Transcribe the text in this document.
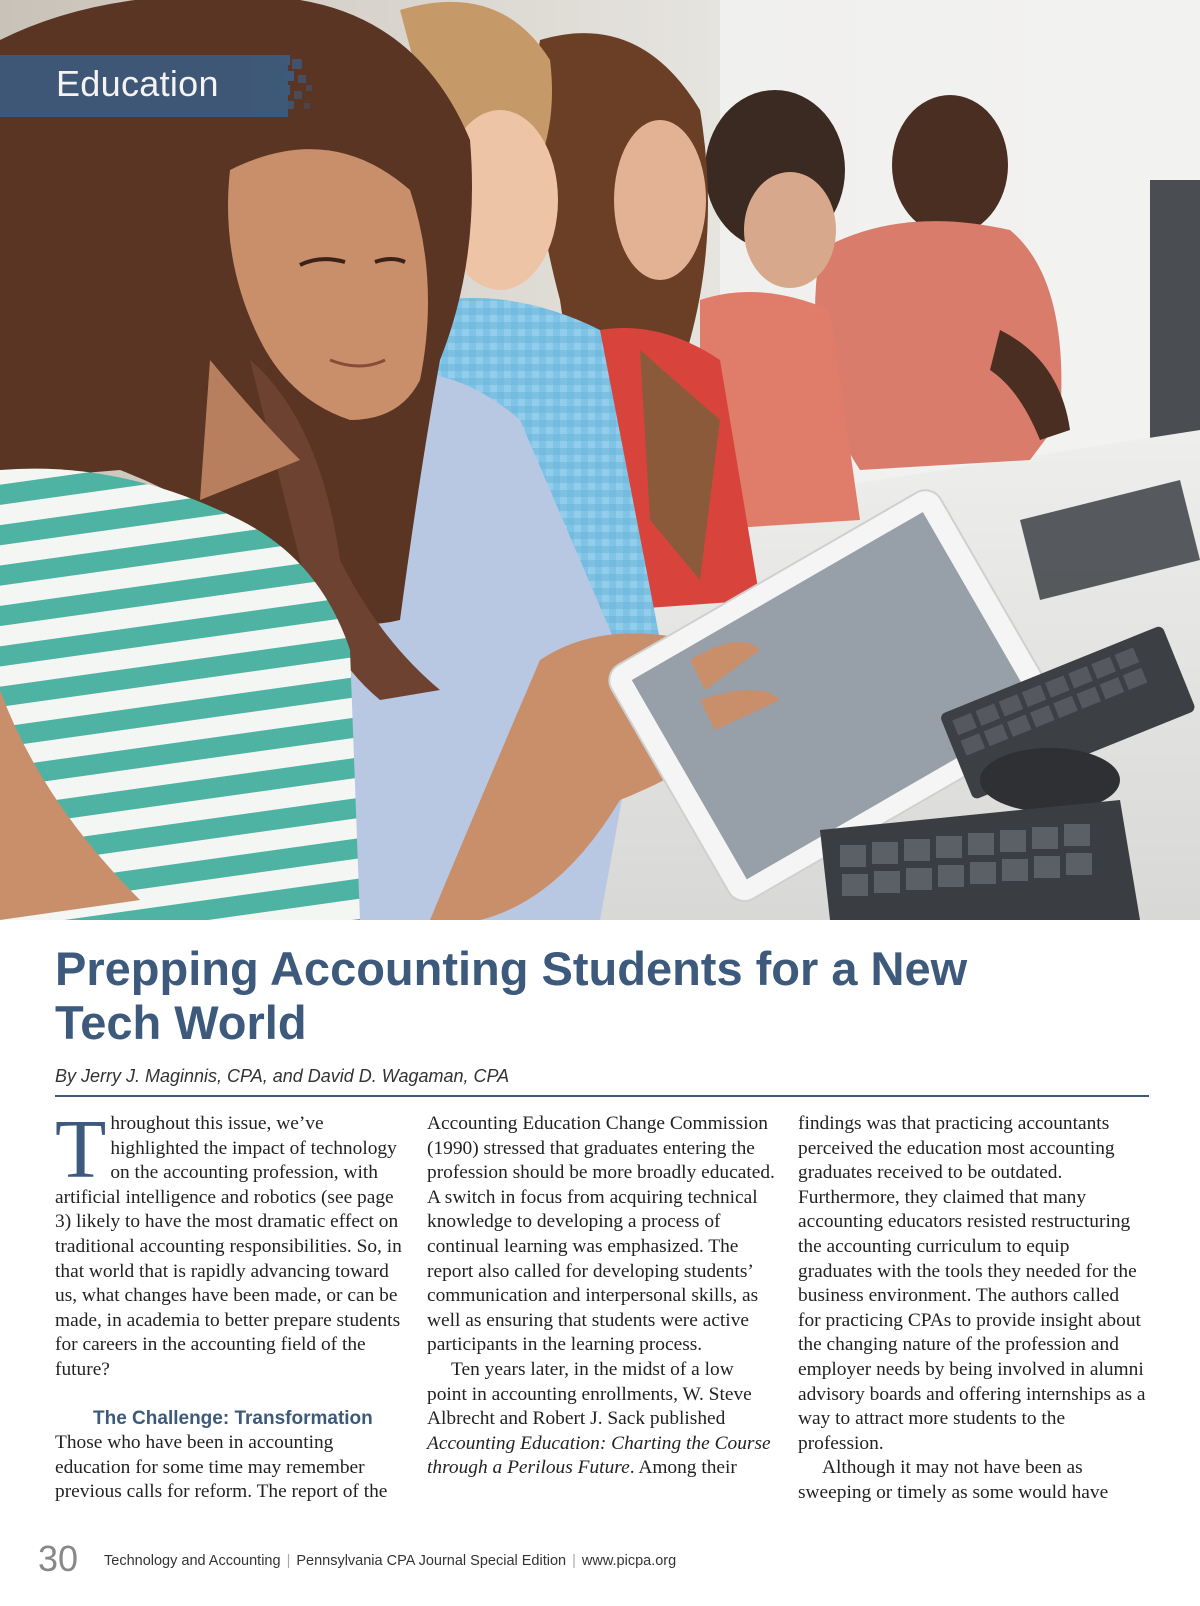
Education
Prepping Accounting Students for a New Tech World

By Jerry J. Maginnis, CPA, and David D. Wagaman, CPA

Throughout this issue, we’ve highlighted the impact of technology on the accounting profession, with artificial intelligence and robotics (see page 3) likely to have the most dramatic effect on traditional accounting responsibilities. So, in that world that is rapidly advancing toward us, what changes have been made, or can be made, in academia to better prepare students for careers in the accounting field of the future?

The Challenge: Transformation

Those who have been in accounting education for some time may remember previous calls for reform. The report of the

Accounting Education Change Commission (1990) stressed that graduates entering the profession should be more broadly educated. A switch in focus from acquiring technical knowledge to developing a process of continual learning was emphasized. The report also called for developing students’ communication and interpersonal skills, as well as ensuring that students were active participants in the learning process.

Ten years later, in the midst of a low point in accounting enrollments, W. Steve Albrecht and Robert J. Sack published Accounting Education: Charting the Course through a Perilous Future. Among their

findings was that practicing accountants perceived the education most accounting graduates received to be outdated. Furthermore, they claimed that many accounting educators resisted restructuring the accounting curriculum to equip graduates with the tools they needed for the business environment. The authors called for practicing CPAs to provide insight about the changing nature of the profession and employer needs by being involved in alumni advisory boards and offering internships as a way to attract more students to the profession.

Although it may not have been as sweeping or timely as some would have

30 Technology and Accounting | Pennsylvania CPA Journal Special Edition | www.picpa.org
